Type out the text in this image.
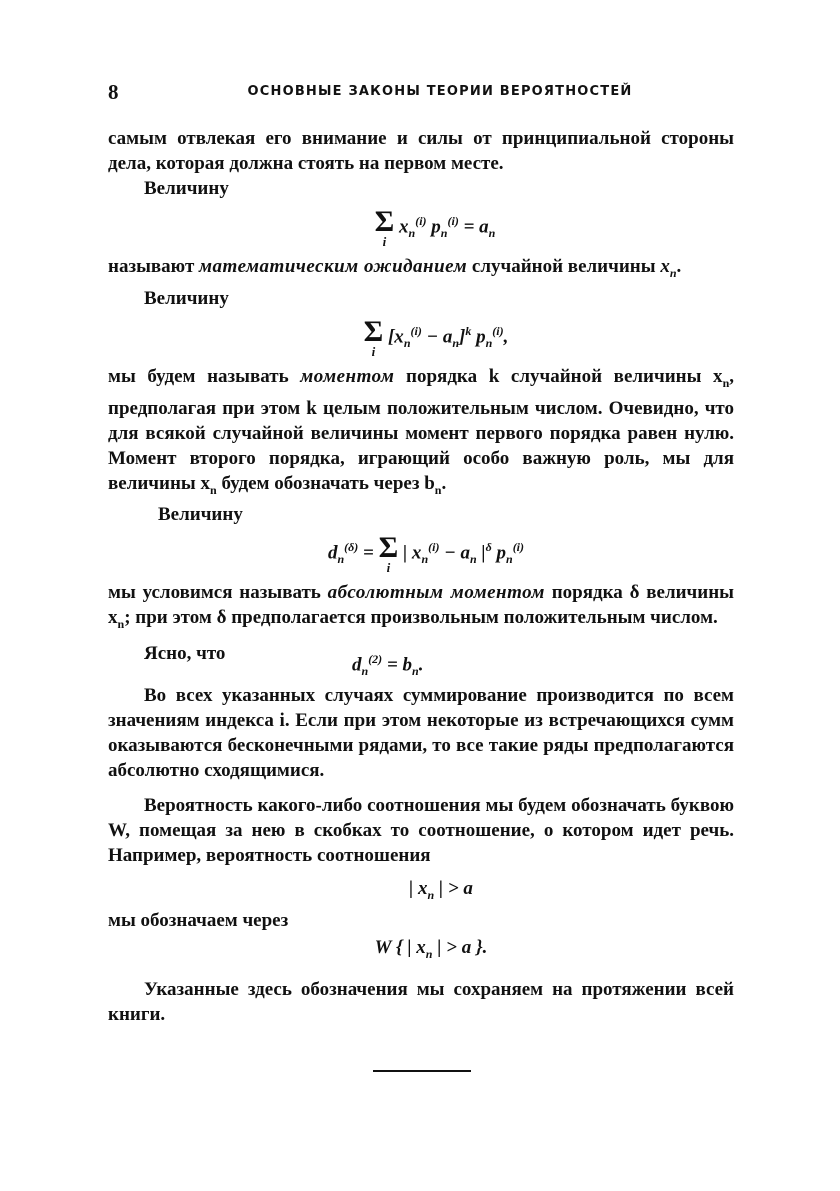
8	ОСНОВНЫЕ ЗАКОНЫ ТЕОРИИ ВЕРОЯТНОСТЕЙ

самым отвлекая его внимание и силы от принципиальной стороны дела, которая должна стоять на первом месте.

Величину

Σ
i
$x_n^{(i)}$ $p_n^{(i)} = a_n$

называют математическим ожиданием случайной величины $x_n$.

Величину

Σ
i
$[x_n^{(i)} - a_n]^k$ $p_n^{(i)}$,

мы будем называть моментом порядка k случайной величины $x_n$, предполагая при этом k целым положительным числом. Очевидно, что для всякой случайной величины момент первого порядка равен нулю. Момент второго порядка, играющий особо важную роль, мы для величины $x_n$ будем обозначать через $b_n$.

Величину

$d_n^{(\delta)} = \Sigma$
i
| $x_n^{(i)} - a_n$ $|^\delta$ $p_n^{(i)}$

мы условимся называть абсолютным моментом порядка δ величины $x_n$; при этом δ предполагается произвольным положительным числом.

Ясно, что
$d_n^{(2)} = b_n$.

Во всех указанных случаях суммирование производится по всем значениям индекса i. Если при этом некоторые из встречающихся сумм оказываются бесконечными рядами, то все такие ряды предполагаются абсолютно сходящимися.

Вероятность какого-либо соотношения мы будем обозначать буквою W, помещая за нею в скобках то соотношение, о котором идет речь. Например, вероятность соотношения

| $x_n$ | > a

мы обозначаем через

W { | $x_n$ | > a }.

Указанные здесь обозначения мы сохраняем на протяжении всей книги.
